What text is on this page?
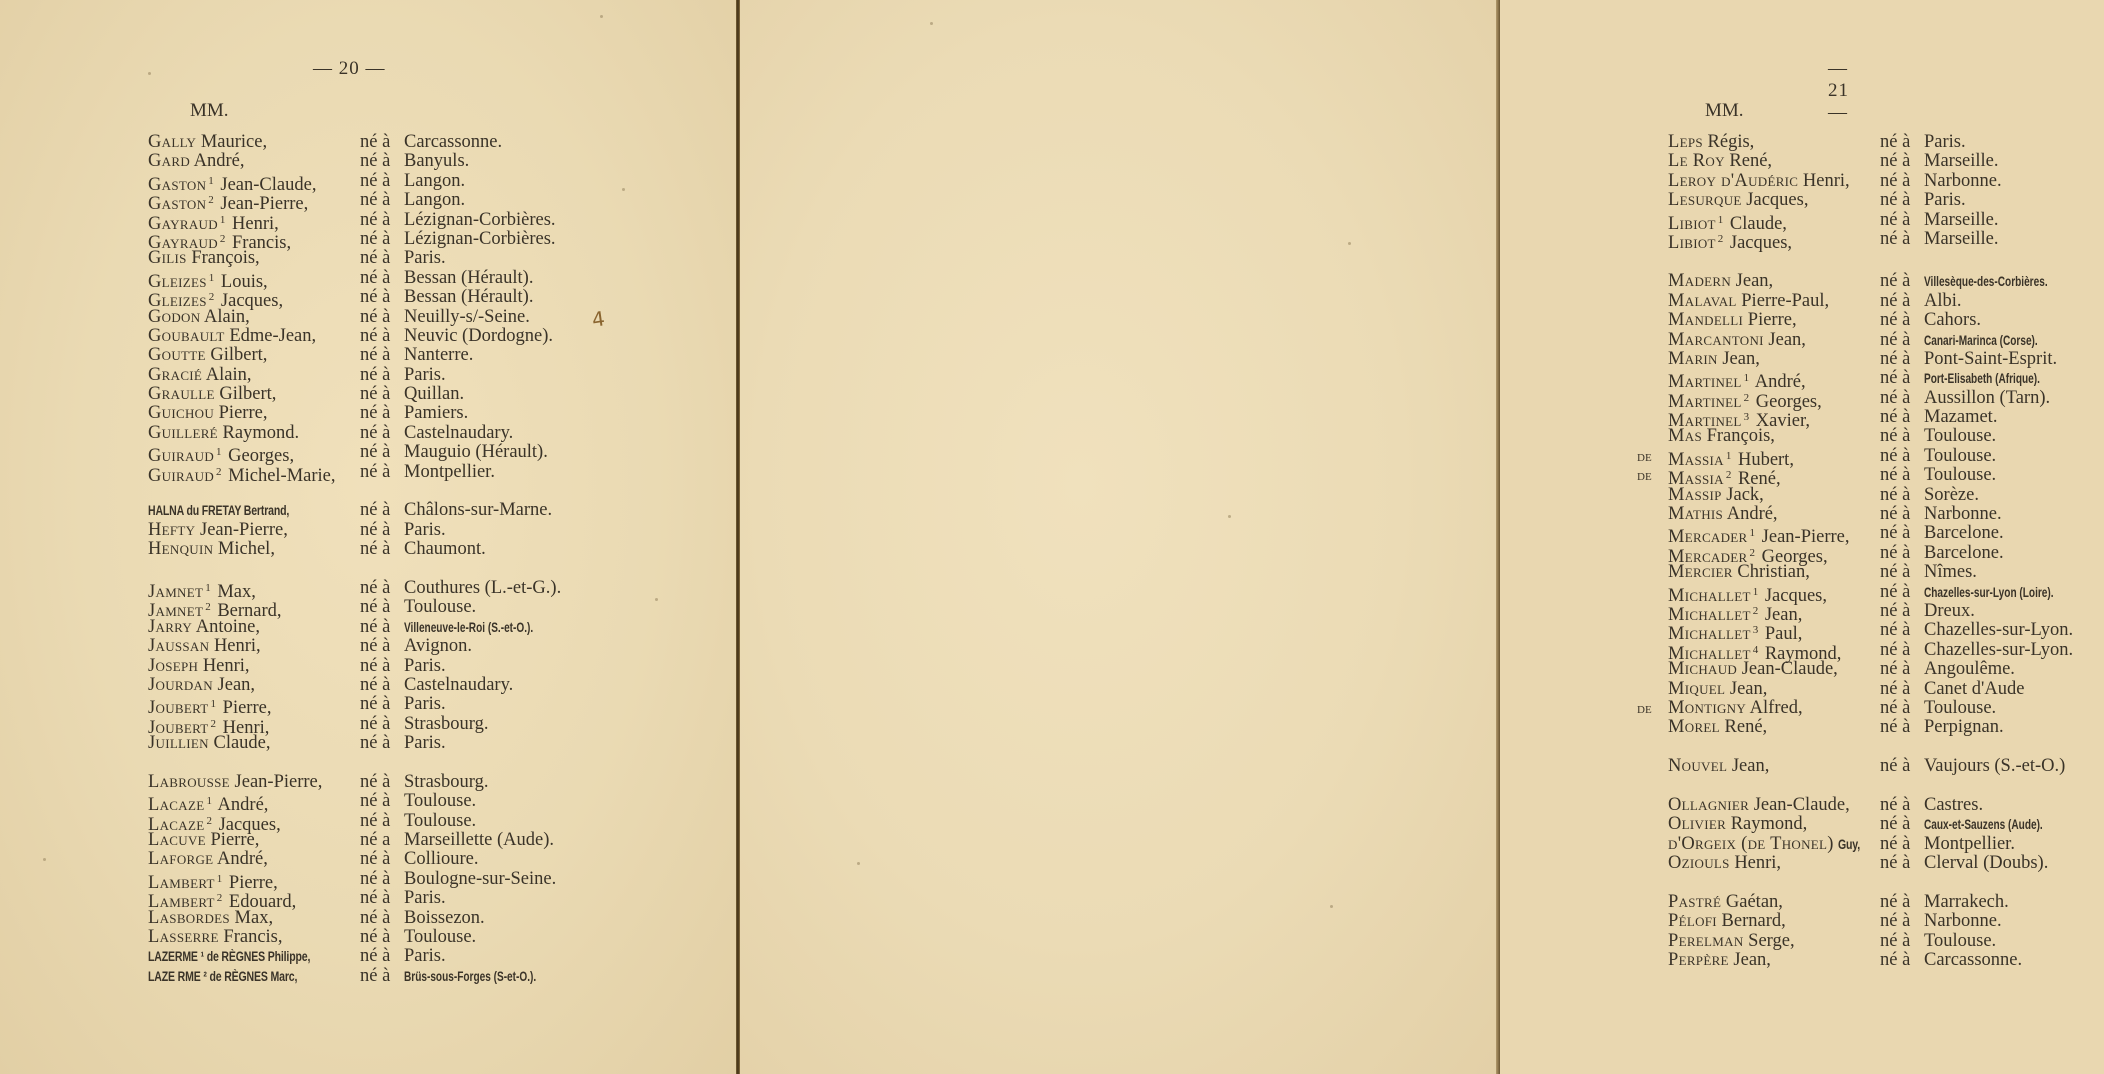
— 20 —
MM.
Gally Maurice,	né à Carcassonne.
Gard André,	né à Banyuls.
Gaston $^1$ Jean-Claude, né à Langon.
Gaston $^2$ Jean-Pierre,	né à Langon.
Gayraud $^1$ Henri,	né à Lézignan-Corbières.
Gayraud $^2$ Francis,	né à Lézignan-Corbières.
Gilis François,	né à Paris.
Gleizes $^1$ Louis,	né à Bessan (Hérault).
Gleizes $^2$ Jacques,	né à Bessan (Hérault).
Godon Alain,	né à Neuilly-s/-Seine.
Goubault Edme-Jean, né à Neuvic (Dordogne).
Goutte Gilbert,	né à Nanterre.
Gracié Alain,	né à Paris.
Graulle Gilbert,	né à Quillan.
Guichou Pierre,	né à Pamiers.
Guilleré Raymond.	né à Castelnaudary.
Guiraud $^1$ Georges,	né à Mauguio (Hérault).
Guiraud $^2$ Michel-Marie, né à Montpellier.
HALNA du FRETAY Bertrand,	né à Châlons-sur-Marne.
Hefty Jean-Pierre,	né à Paris.
Henquin Michel,	né à Chaumont.
Jamnet $^1$ Max,	né à Couthures (L.-et-G.).
Jamnet $^2$ Bernard,	né à Toulouse.
Jarry Antoine,	né à Villeneuve-le-Roi (S.-et-O.).
Jaussan Henri,	né à Avignon.
Joseph Henri,	né à Paris.
Jourdan Jean,	né à Castelnaudary.
Joubert $^1$ Pierre,	né à Paris.
Joubert $^2$ Henri,	né à Strasbourg.
Juillien Claude,	né à Paris.
Labrousse Jean-Pierre, né à Strasbourg.
Lacaze $^1$ André,	né à Toulouse.
Lacaze $^2$ Jacques,	né à Toulouse.
Lacuve Pierre,	né a Marseillette (Aude).
Laforge André,	né à Collioure.
Lambert $^1$ Pierre,	né à Boulogne-sur-Seine.
Lambert $^2$ Edouard,	né à Paris.
Lasbordes Max,	né à Boissezon.
Lasserre Francis,	né à Toulouse.
LAZERME ¹ de RÈGNES Philippe,	né à Paris.
LAZE RME ² de RÈGNES Marc,	né à Brüs-sous-Forges (S-et-O.).
4
— 21 —
MM.
Leps Régis,	né à Paris.
Le Roy René,	né à Marseille.
Leroy d'Audéric Henri, né à Narbonne.
Lesurque Jacques,	né à Paris.
Libiot $^1$ Claude,	né à Marseille.
Libiot $^2$ Jacques,	né à Marseille.
Madern Jean,	né à Villesèque-des-Corbières.
Malaval Pierre-Paul,	né à Albi.
Mandelli Pierre,	né à Cahors.
Marcantoni Jean,	né à Canari-Marinca (Corse).
Marin Jean,	né à Pont-Saint-Esprit.
Martinel $^1$ André,	né à Port-Elisabeth (Afrique).
Martinel $^2$ Georges,	né à Aussillon (Tarn).
Martinel $^3$ Xavier,	né à Mazamet.
Mas François,	né à Toulouse.
de Massia $^1$ Hubert,	né à Toulouse.
de Massia $^2$ René,	né à Toulouse.
Massip Jack,	né à Sorèze.
Mathis André,	né à Narbonne.
Mercader $^1$ Jean-Pierre, né à Barcelone.
Mercader $^2$ Georges,	né à Barcelone.
Mercier Christian,	né à Nîmes.
Michallet $^1$ Jacques,	né à Chazelles-sur-Lyon (Loire).
Michallet $^2$ Jean,	né à Dreux.
Michallet $^3$ Paul,	né à Chazelles-sur-Lyon.
Michallet $^4$ Raymond, né à Chazelles-sur-Lyon.
Michaud Jean-Claude, né à Angoulême.
Miquel Jean,	né à Canet d'Aude
de Montigny Alfred,	né à Toulouse.
Morel René,	né à Perpignan.
Nouvel Jean,	né à Vaujours (S.-et-O.)
Ollagnier Jean-Claude, né à Castres.
Olivier Raymond,	né à Caux-et-Sauzens (Aude).
d'Orgeix (de Thonel) Guy,	né à Montpellier.
Oziouls Henri,	né à Clerval (Doubs).
Pastré Gaétan,	né à Marrakech.
Pélofi Bernard,	né à Narbonne.
Perelman Serge,	né à Toulouse.
Perpère Jean,	né à Carcassonne.
